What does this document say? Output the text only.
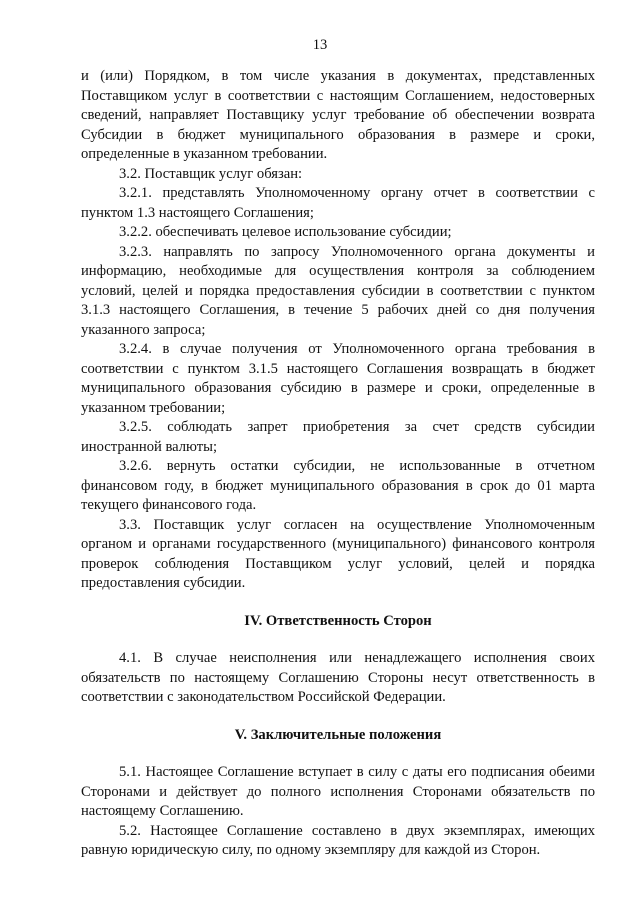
13

и (или) Порядком, в том числе указания в документах, представленных Поставщиком услуг в соответствии с настоящим Соглашением, недостоверных сведений, направляет Поставщику услуг требование об обеспечении возврата Субсидии в бюджет муниципального образования в размере и сроки, определенные в указанном требовании.

3.2. Поставщик услуг обязан:

3.2.1. представлять Уполномоченному органу отчет в соответствии с пунктом 1.3 настоящего Соглашения;

3.2.2. обеспечивать целевое использование субсидии;

3.2.3. направлять по запросу Уполномоченного органа документы и информацию, необходимые для осуществления контроля за соблюдением условий, целей и порядка предоставления субсидии в соответствии с пунктом 3.1.3 настоящего Соглашения, в течение 5 рабочих дней со дня получения указанного запроса;

3.2.4. в случае получения от Уполномоченного органа требования в соответствии с пунктом 3.1.5 настоящего Соглашения возвращать в бюджет муниципального образования субсидию в размере и сроки, определенные в указанном требовании;

3.2.5. соблюдать запрет приобретения за счет средств субсидии иностранной валюты;

3.2.6. вернуть остатки субсидии, не использованные в отчетном финансовом году, в бюджет муниципального образования в срок до 01 марта текущего финансового года.

3.3. Поставщик услуг согласен на осуществление Уполномоченным органом и органами государственного (муниципального) финансового контроля проверок соблюдения Поставщиком услуг условий, целей и порядка предоставления субсидии.

IV. Ответственность Сторон

4.1. В случае неисполнения или ненадлежащего исполнения своих обязательств по настоящему Соглашению Стороны несут ответственность в соответствии с законодательством Российской Федерации.

V. Заключительные положения

5.1. Настоящее Соглашение вступает в силу с даты его подписания обеими Сторонами и действует до полного исполнения Сторонами обязательств по настоящему Соглашению.

5.2. Настоящее Соглашение составлено в двух экземплярах, имеющих равную юридическую силу, по одному экземпляру для каждой из Сторон.
